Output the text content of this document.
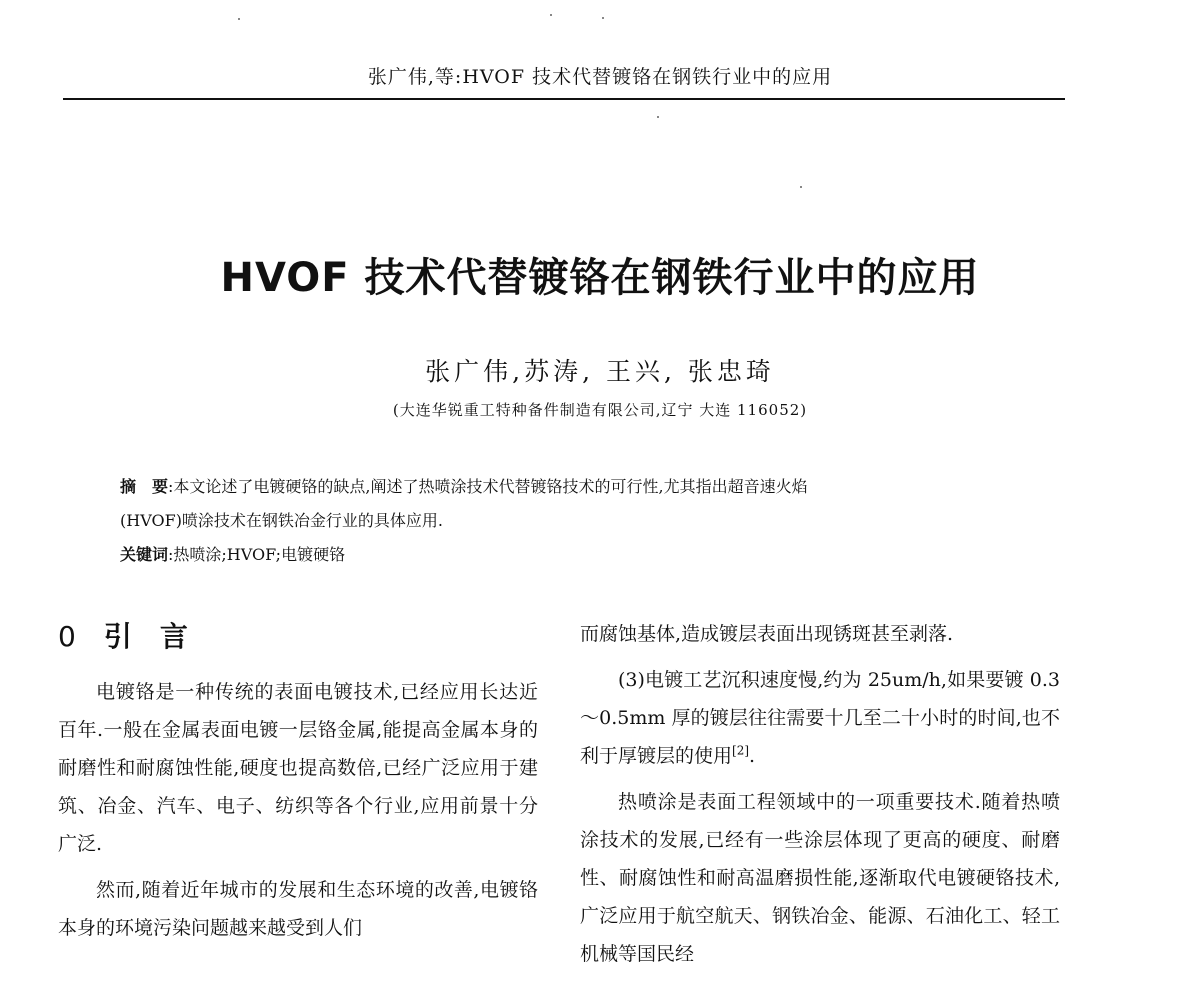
张广伟,等:HVOF 技术代替镀铬在钢铁行业中的应用
HVOF 技术代替镀铬在钢铁行业中的应用
张广伟,苏涛, 王兴, 张忠琦
(大连华锐重工特种备件制造有限公司,辽宁 大连 116052)

摘　要:本文论述了电镀硬铬的缺点,阐述了热喷涂技术代替镀铬技术的可行性,尤其指出超音速火焰

(HVOF)喷涂技术在钢铁冶金行业的具体应用.

关键词:热喷涂;HVOF;电镀硬铬

0 引　言

电镀铬是一种传统的表面电镀技术,已经应用长达近百年.一般在金属表面电镀一层铬金属,能提高金属本身的耐磨性和耐腐蚀性能,硬度也提高数倍,已经广泛应用于建筑、冶金、汽车、电子、纺织等各个行业,应用前景十分广泛.

然而,随着近年城市的发展和生态环境的改善,电镀铬本身的环境污染问题越来越受到人们

而腐蚀基体,造成镀层表面出现锈斑甚至剥落.

(3)电镀工艺沉积速度慢,约为 25um/h,如果要镀 0.3～0.5mm 厚的镀层往往需要十几至二十小时的时间,也不利于厚镀层的使用[2].

热喷涂是表面工程领域中的一项重要技术.随着热喷涂技术的发展,已经有一些涂层体现了更高的硬度、耐磨性、耐腐蚀性和耐高温磨损性能,逐渐取代电镀硬铬技术,广泛应用于航空航天、钢铁冶金、能源、石油化工、轻工机械等国民经
